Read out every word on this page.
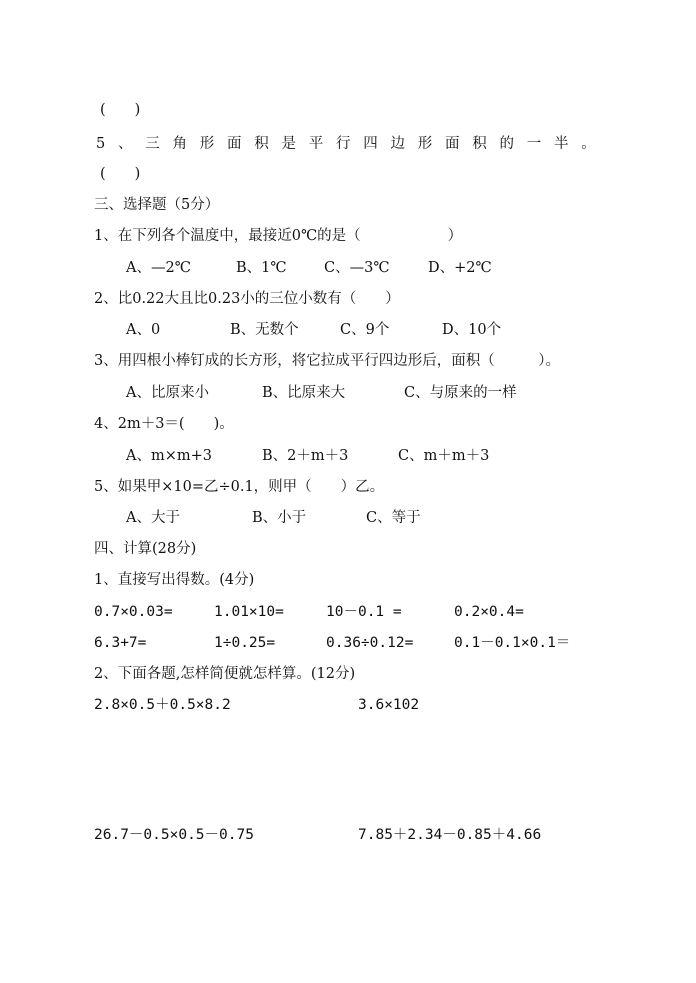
(　　)
5 、 三 角 形 面 积 是 平 行 四 边 形 面 积 的 一 半 。
(　　)
三、选择题（5分）
1、在下列各个温度中，最接近0℃的是（　　　　　　）
A、—2℃	B、1℃	C、—3℃	D、+2℃
2、比0.22大且比0.23小的三位小数有（　　）
A、0	B、无数个	C、9个	D、10个
3、用四根小棒钉成的长方形，将它拉成平行四边形后，面积（　　　）。
A、比原来小	B、比原来大	C、与原来的一样
4、2m＋3＝(　　)。
A、m×m+3	B、2＋m＋3	C、m＋m＋3
5、如果甲×10=乙÷0.1，则甲（　　）乙。
A、大于	B、小于	C、等于
四、计算(28分)
1、直接写出得数。(4分)
0.7×0.03=	1.01×10=	10－0.1 =	0.2×0.4=
6.3+7=	1÷0.25=	0.36÷0.12=	0.1－0.1×0.1＝
2、下面各题,怎样简便就怎样算。(12分)
2.8×0.5＋0.5×8.2	3.6×102
26.7－0.5×0.5－0.75	7.85＋2.34－0.85＋4.66
